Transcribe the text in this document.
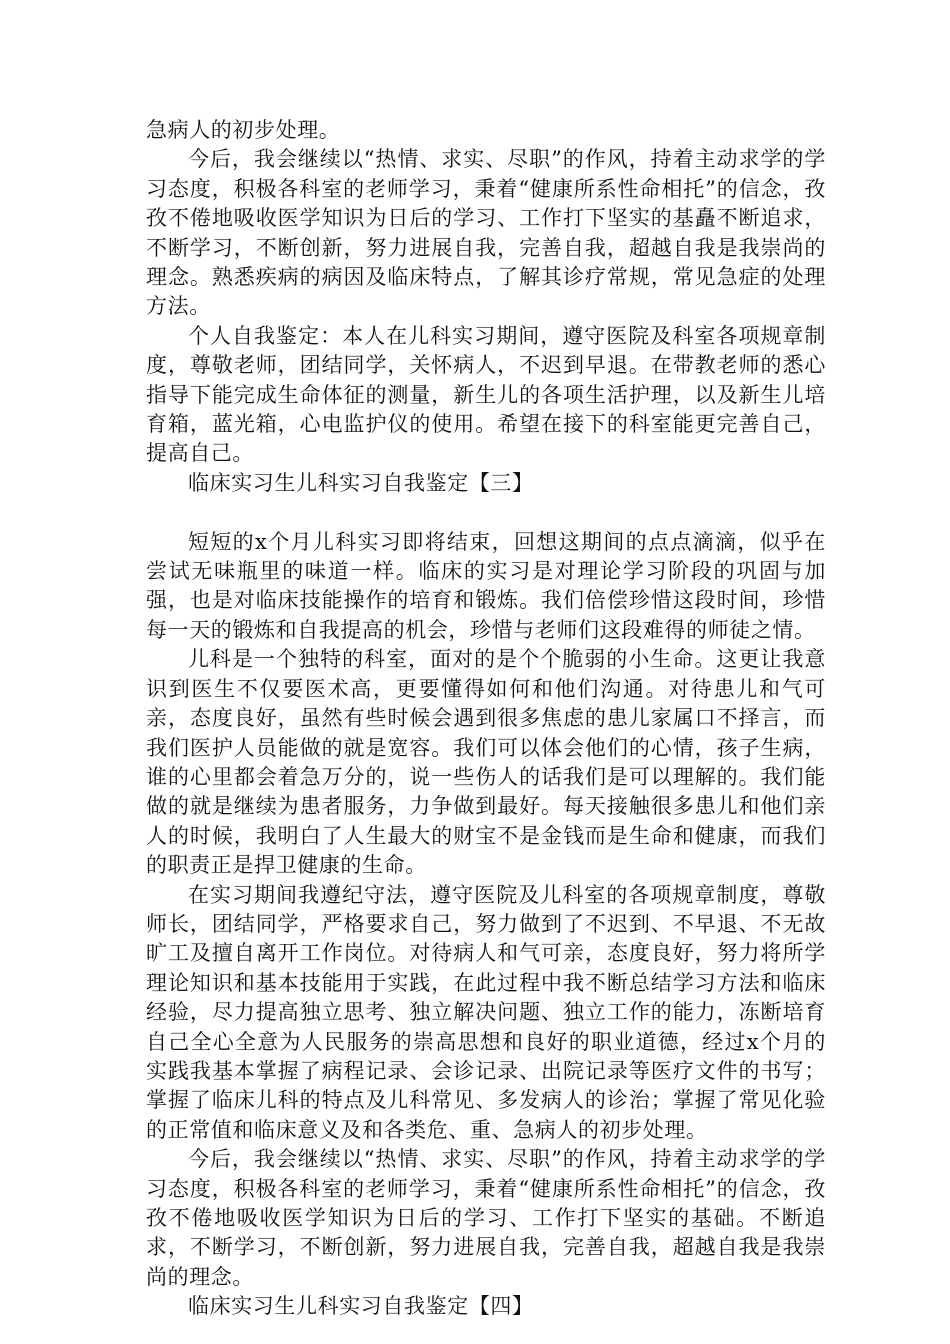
急病人的初步处理。

今后，我会继续以“热情、求实、尽职”的作风，持着主动求学的学习态度，积极各科室的老师学习，秉着“健康所系性命相托”的信念，孜孜不倦地吸收医学知识为日后的学习、工作打下坚实的基矗不断追求，不断学习，不断创新，努力进展自我，完善自我，超越自我是我崇尚的理念。熟悉疾病的病因及临床特点，了解其诊疗常规，常见急症的处理方法。

个人自我鉴定：本人在儿科实习期间，遵守医院及科室各项规章制度，尊敬老师，团结同学，关怀病人，不迟到早退。在带教老师的悉心指导下能完成生命体征的测量，新生儿的各项生活护理，以及新生儿培育箱，蓝光箱，心电监护仪的使用。希望在接下的科室能更完善自己，提高自己。

临床实习生儿科实习自我鉴定【三】

短短的x个月儿科实习即将结束，回想这期间的点点滴滴，似乎在尝试无味瓶里的味道一样。临床的实习是对理论学习阶段的巩固与加强，也是对临床技能操作的培育和锻炼。我们倍偿珍惜这段时间，珍惜每一天的锻炼和自我提高的机会，珍惜与老师们这段难得的师徒之情。

儿科是一个独特的科室，面对的是个个脆弱的小生命。这更让我意识到医生不仅要医术高，更要懂得如何和他们沟通。对待患儿和气可亲，态度良好，虽然有些时候会遇到很多焦虑的患儿家属口不择言，而我们医护人员能做的就是宽容。我们可以体会他们的心情，孩子生病，谁的心里都会着急万分的，说一些伤人的话我们是可以理解的。我们能做的就是继续为患者服务，力争做到最好。每天接触很多患儿和他们亲人的时候，我明白了人生最大的财宝不是金钱而是生命和健康，而我们的职责正是捍卫健康的生命。

在实习期间我遵纪守法，遵守医院及儿科室的各项规章制度，尊敬师长，团结同学，严格要求自己，努力做到了不迟到、不早退、不无故旷工及擅自离开工作岗位。对待病人和气可亲，态度良好，努力将所学理论知识和基本技能用于实践，在此过程中我不断总结学习方法和临床经验，尽力提高独立思考、独立解决问题、独立工作的能力，冻断培育自己全心全意为人民服务的崇高思想和良好的职业道德，经过x个月的实践我基本掌握了病程记录、会诊记录、出院记录等医疗文件的书写；掌握了临床儿科的特点及儿科常见、多发病人的诊治；掌握了常见化验的正常值和临床意义及和各类危、重、急病人的初步处理。

今后，我会继续以“热情、求实、尽职”的作风，持着主动求学的学习态度，积极各科室的老师学习，秉着“健康所系性命相托”的信念，孜孜不倦地吸收医学知识为日后的学习、工作打下坚实的基础。不断追求，不断学习，不断创新，努力进展自我，完善自我，超越自我是我崇尚的理念。

临床实习生儿科实习自我鉴定【四】
